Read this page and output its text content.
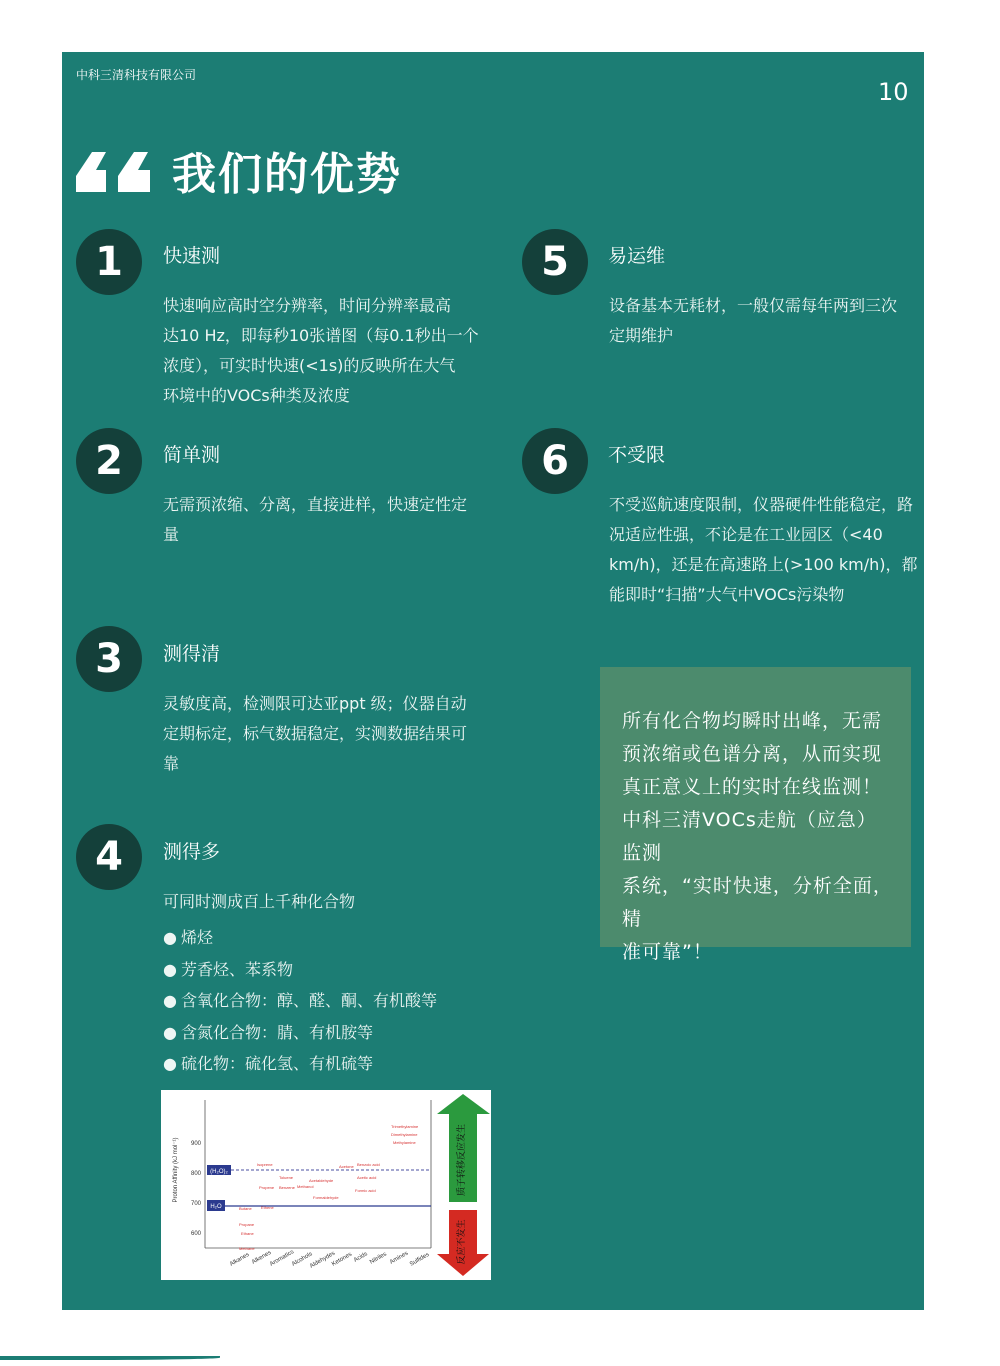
中科三清科技有限公司
10
我们的优势
1	快速测
快速响应高时空分辨率，时间分辨率最高
达10 Hz，即每秒10张谱图（每0.1秒出一个
浓度），可实时快速(<1s)的反映所在大气
环境中的VOCs种类及浓度
2	简单测
无需预浓缩、分离，直接进样，快速定性定
量
3	测得清
灵敏度高，检测限可达亚ppt 级；仪器自动
定期标定，标气数据稳定，实测数据结果可
靠
4	测得多
可同时测成百上千种化合物
● 烯烃
● 芳香烃、苯系物
● 含氧化合物：醇、醛、酮、有机酸等
● 含氮化合物：腈、有机胺等
● 硫化物：硫化氢、有机硫等
5	易运维
设备基本无耗材，一般仅需每年两到三次
定期维护
6	不受限
不受巡航速度限制，仪器硬件性能稳定，路
况适应性强，不论是在工业园区（<40
km/h)，还是在高速路上(>100 km/h)，都
能即时“扫描”大气中VOCs污染物
所有化合物均瞬时出峰，无需
预浓缩或色谱分离，从而实现
真正意义上的实时在线监测！
中科三清VOCs走航（应急）监测
系统，“实时快速，分析全面，精
准可靠”！
Proton Affinity (kJ mol⁻¹) 900
800
700
600
(H₂O)₂
H₂O
Trimethylamine
Dimethylamine
Methylamine
Isoprene
Toluene
Propene Benzene Methanol
Acetaldehyde
Acetone Benzoic acid
Acetic acid
Formic acid
Formaldehyde
Butane Ethene
Propane
Ethane
Methane
Alkanes Alkenes
Aromatics
Alcohols
Aldehydes
Ketones Acids Nitriles Amines Sulfides
质子转移反应发生
反应不发生
